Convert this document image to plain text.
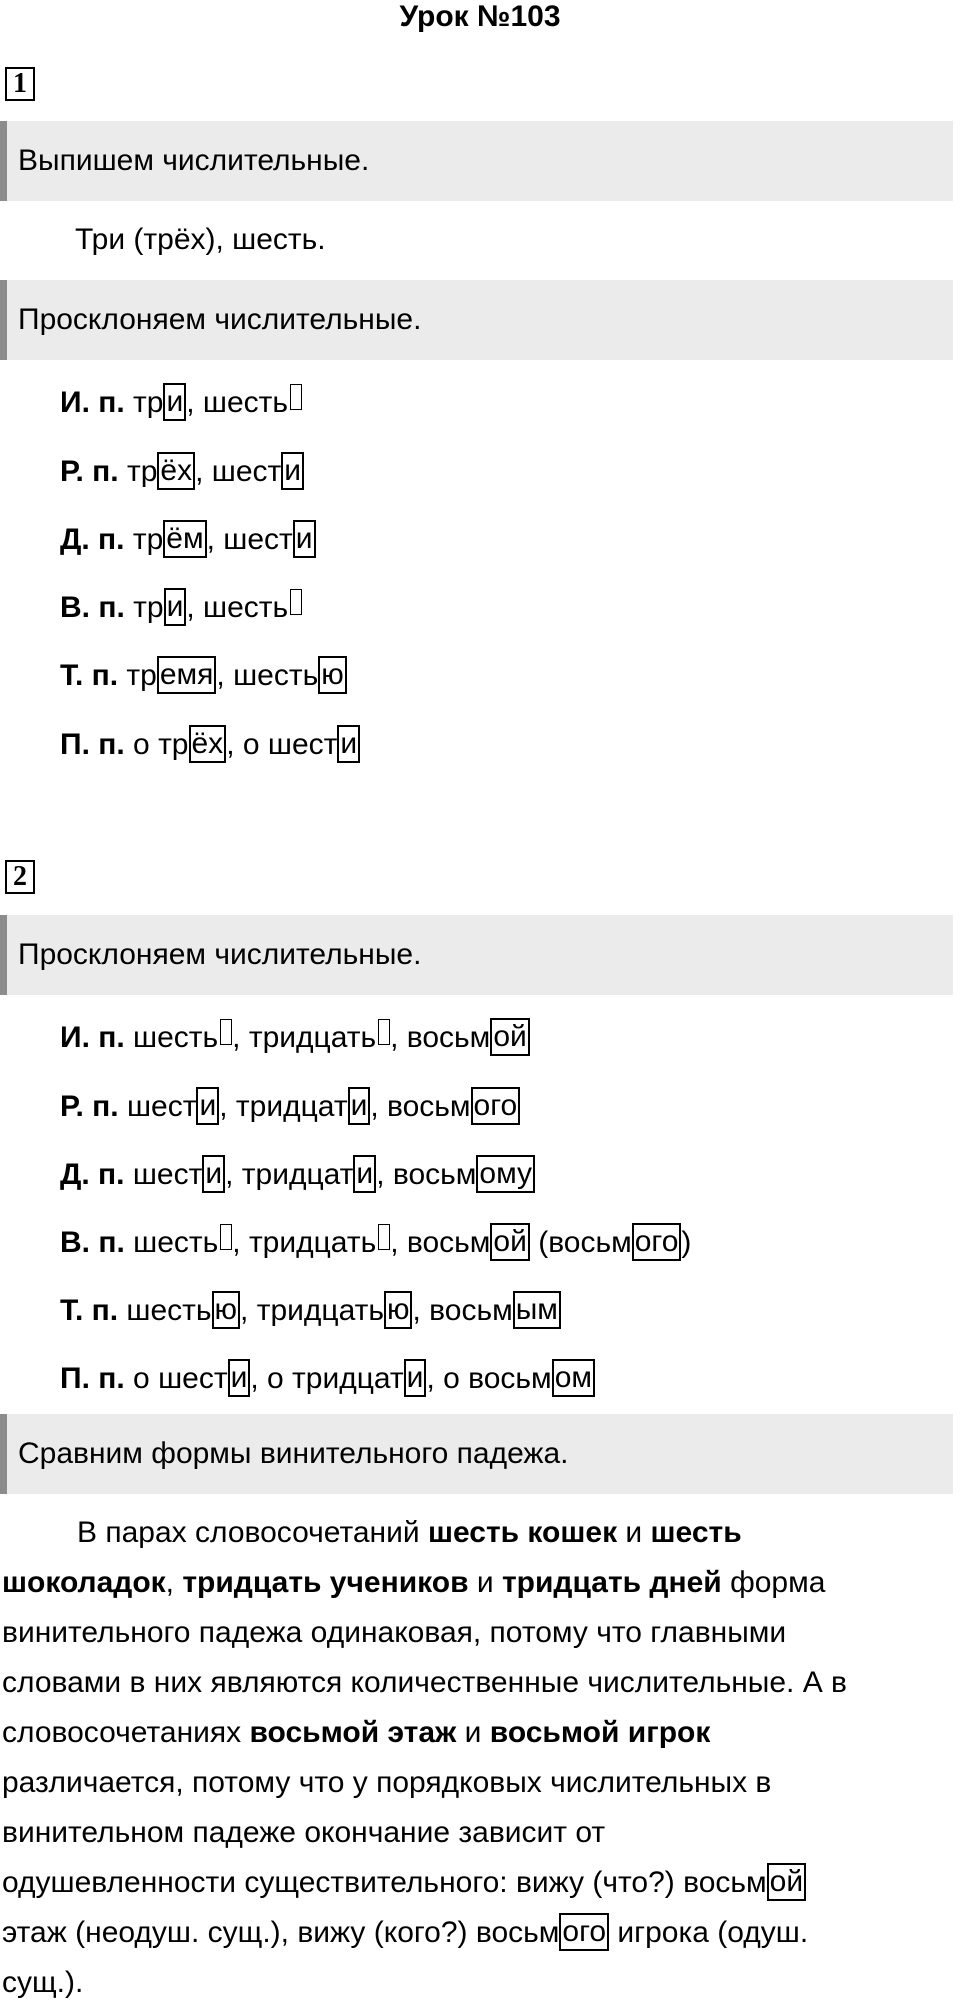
Урок №103
1
Выпишем числительные.
Три (трёх), шесть.
Просклоняем числительные.
И. п. тр и , шесть
Р. п. тр ёх , шест и
Д. п. тр ём , шест и
В. п. тр и , шесть
Т. п. тр емя , шесть ю
П. п. о тр ёх , о шест и
2
Просклоняем числительные.
И. п. шесть , тридцать , восьм ой
Р. п. шест и , тридцат и , восьм ого
Д. п. шест и , тридцат и , восьм ому
В. п. шесть , тридцать , восьм ой (восьм ого )
Т. п. шесть ю , тридцать ю , восьм ым
П. п. о шест и , о тридцат и , о восьм ом
Сравним формы винительного падежа.
В парах словосочетаний шесть кошек и шесть
шоколадок, тридцать учеников и тридцать дней форма
винительного падежа одинаковая, потому что главными
словами в них являются количественные числительные. А в
словосочетаниях восьмой этаж и восьмой игрок
различается, потому что у порядковых числительных в
винительном падеже окончание зависит от
одушевленности существительного: вижу (что?) восьм ой
этаж (неодуш. сущ.), вижу (кого?) восьм ого игрока (одуш.
сущ.).
